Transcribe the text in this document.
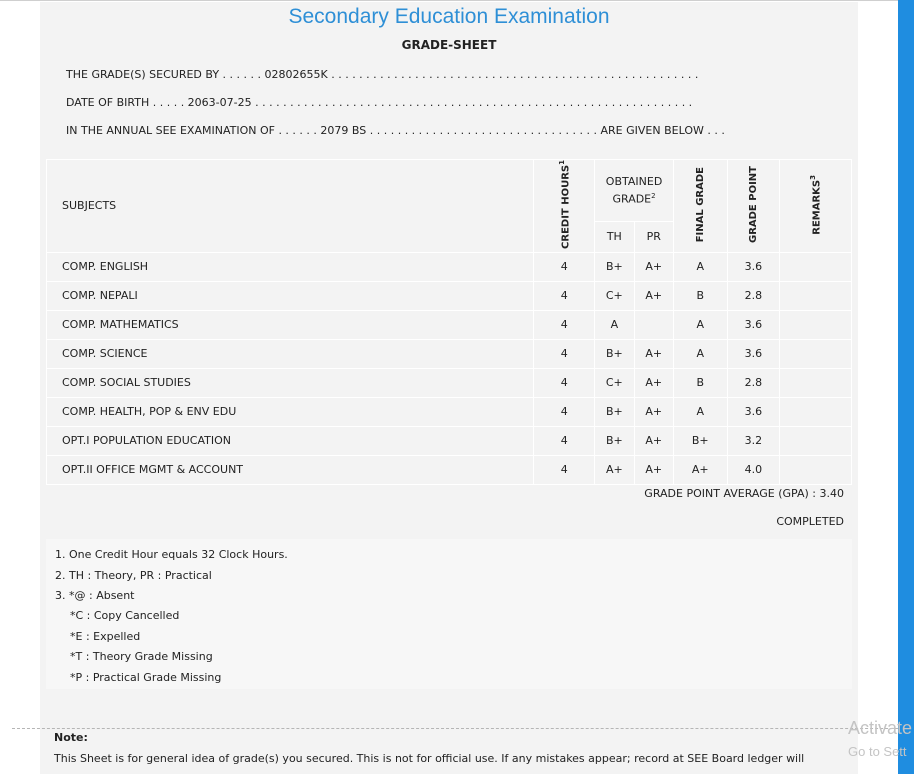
Secondary Education Examination
GRADE-SHEET
THE GRADE(S) SECURED BY . . . . . . 02802655K . . . . . . . . . . . . . . . . . . . . . . . . . . . . . . . . . . . . . . . . . . . . . . . . . . . . .
DATE OF BIRTH . . . . . 2063-07-25 . . . . . . . . . . . . . . . . . . . . . . . . . . . . . . . . . . . . . . . . . . . . . . . . . . . . . . . . . . . . . . .
IN THE ANNUAL SEE EXAMINATION OF . . . . . . 2079 BS . . . . . . . . . . . . . . . . . . . . . . . . . . . . . . . . . ARE GIVEN BELOW . . .
SUBJECTS	CREDIT HOURS$^1$	OBTAINED GRADE$^2$		FINAL GRADE	GRADE POINT	REMARKS$^3$
		TH	PR			
COMP. ENGLISH	4	B+	A+	A	3.6	
COMP. NEPALI	4	C+	A+	B	2.8	
COMP. MATHEMATICS	4	A		A	3.6	
COMP. SCIENCE	4	B+	A+	A	3.6	
COMP. SOCIAL STUDIES	4	C+	A+	B	2.8	
COMP. HEALTH, POP & ENV EDU	4	B+	A+	A	3.6	
OPT.I POPULATION EDUCATION	4	B+	A+	B+	3.2	
OPT.II OFFICE MGMT & ACCOUNT	4	A+	A+	A+	4.0	
GRADE POINT AVERAGE (GPA) : 3.40
COMPLETED
1. One Credit Hour equals 32 Clock Hours.
2. TH : Theory, PR : Practical
3. *@ : Absent
*C : Copy Cancelled
*E : Expelled
*T : Theory Grade Missing
*P : Practical Grade Missing
Note:
This Sheet is for general idea of grade(s) you secured. This is not for official use. If any mistakes appear; record at SEE Board ledger will
Activate
Go to Sett
